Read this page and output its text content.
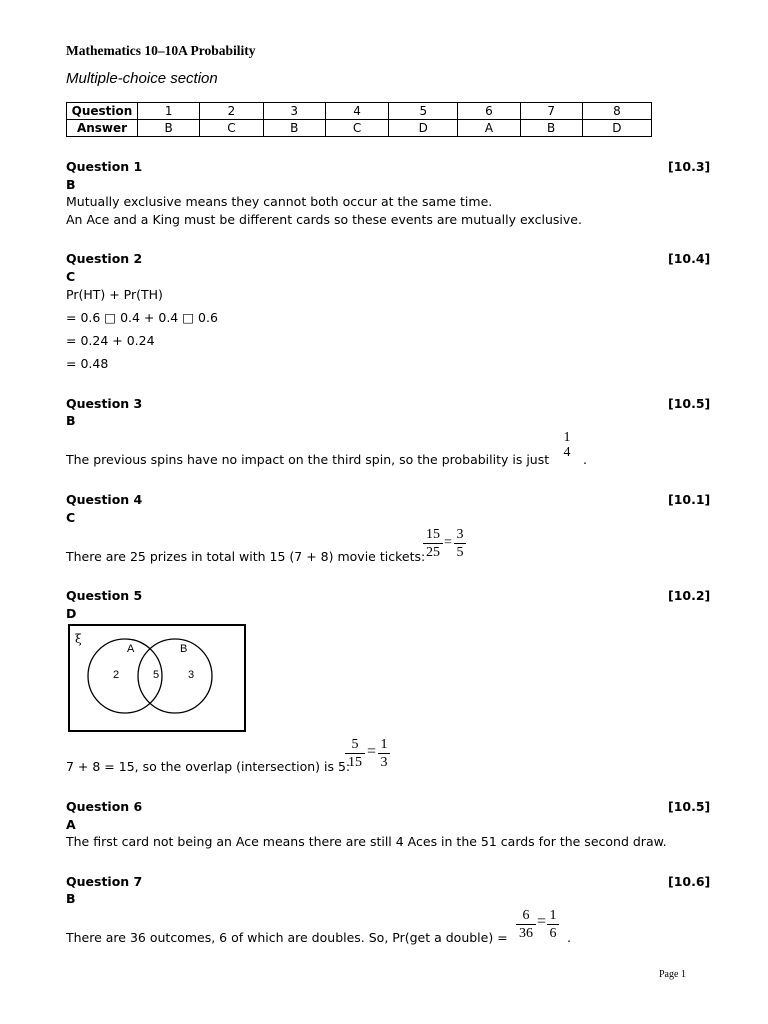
Mathematics 10–10A Probability
Multiple-choice section
Question	1	2	3	4	5	6	7	8
Answer	B	C	B	C	D	A	B	D
Question 1	[10.3]
B
Mutually exclusive means they cannot both occur at the same time.
An Ace and a King must be different cards so these events are mutually exclusive.
Question 2	[10.4]
C
Pr(HT) + Pr(TH)
= 0.6 □ 0.4 + 0.4 □ 0.6
= 0.24 + 0.24
= 0.48
Question 3	[10.5]
B
The previous spins have no impact on the third spin, so the probability is just
1
4 .
Question 4	[10.1]
C
There are 25 prizes in total with 15 (7 + 8) movie tickets:
15
25
=
3
5
Question 5	[10.2]
D
ξ
A	B
2	5	3
7 + 8 = 15, so the overlap (intersection) is 5:
5
15
= 1
3
Question 6	[10.5]
A
The first card not being an Ace means there are still 4 Aces in the 51 cards for the second draw.
Question 7	[10.6]
B
There are 36 outcomes, 6 of which are doubles. So, Pr(get a double) =
6
36
= 1
6 .
Page 1
